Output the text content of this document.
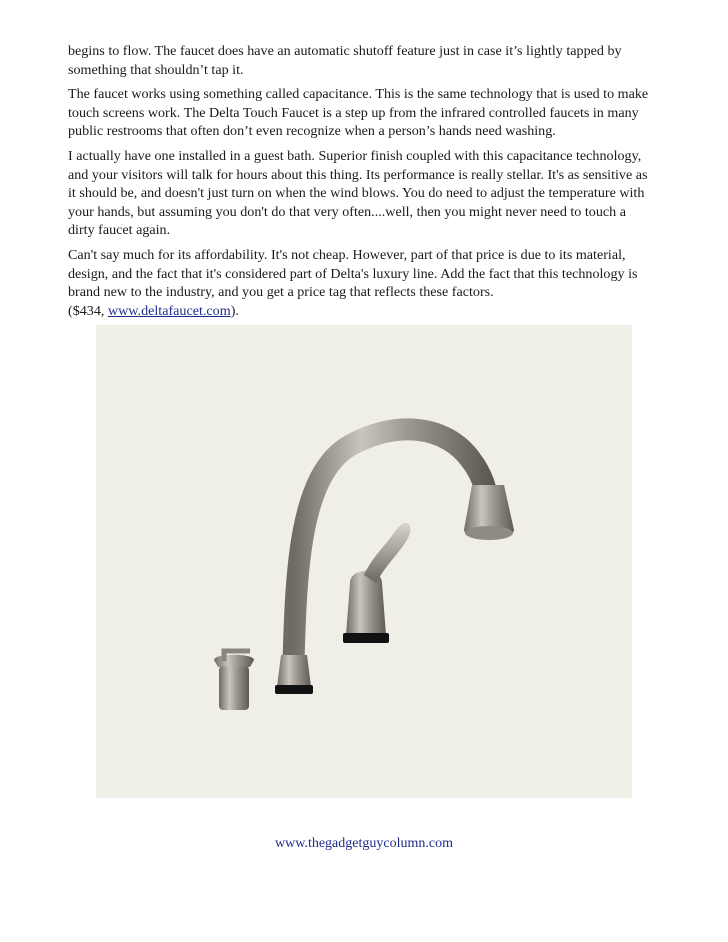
begins to flow. The faucet does have an automatic shutoff feature just in case it’s lightly tapped by
something that shouldn’t tap it.

The faucet works using something called capacitance. This is the same technology that is used to make
touch screens work. The Delta Touch Faucet is a step up from the infrared controlled faucets in many
public restrooms that often don’t even recognize when a person’s hands need washing.

I actually have one installed in a guest bath. Superior finish coupled with this capacitance technology,
and your visitors will talk for hours about this thing. Its performance is really stellar. It's as sensitive as
it should be, and doesn't just turn on when the wind blows. You do need to adjust the temperature with
your hands, but assuming you don't do that very often....well, then you might never need to touch a
dirty faucet again.

Can't say much for its affordability. It's not cheap. However, part of that price is due to its material,
design, and the fact that it's considered part of Delta's luxury line. Add the fact that this technology is
brand new to the industry, and you get a price tag that reflects these factors.
($434, www.deltafaucet.com).

www.thegadgetguycolumn.com
